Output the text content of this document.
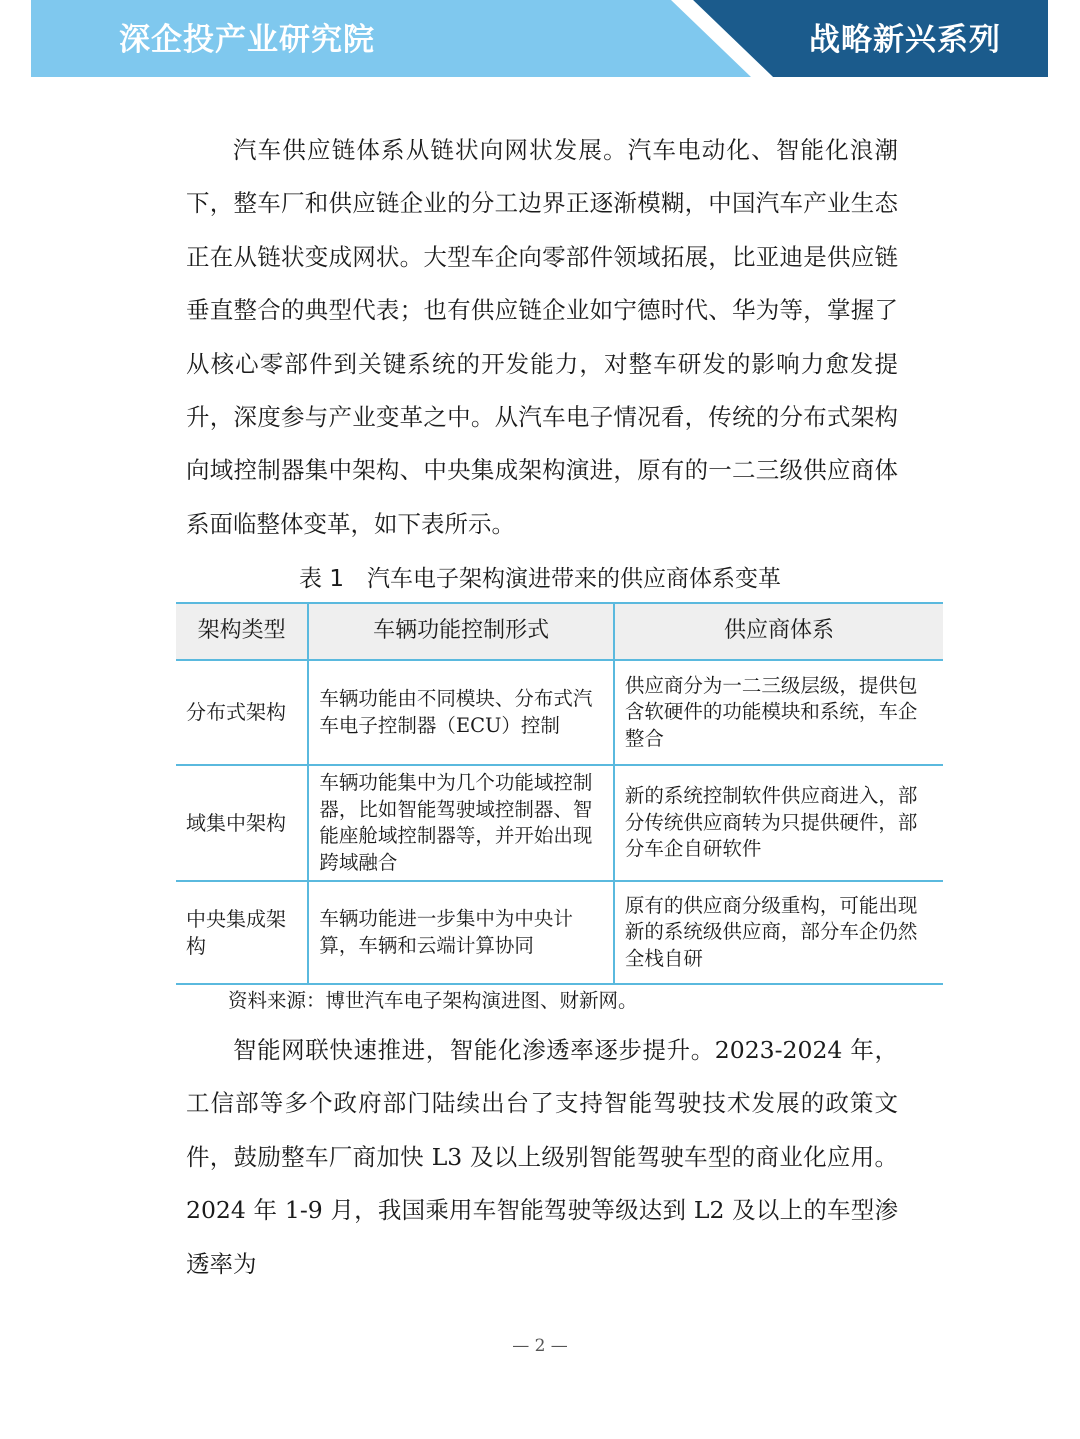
深企投产业研究院	战略新兴系列
汽车供应链体系从链状向网状发展。汽车电动化、智能化浪潮下，整车厂和供应链企业的分工边界正逐渐模糊，中国汽车产业生态正在从链状变成网状。大型车企向零部件领域拓展，比亚迪是供应链垂直整合的典型代表；也有供应链企业如宁德时代、华为等，掌握了从核心零部件到关键系统的开发能力，对整车研发的影响力愈发提升，深度参与产业变革之中。从汽车电子情况看，传统的分布式架构向域控制器集中架构、中央集成架构演进，原有的一二三级供应商体系面临整体变革，如下表所示。
表 1　汽车电子架构演进带来的供应商体系变革
架构类型	车辆功能控制形式	供应商体系
分布式架构	车辆功能由不同模块、分布式汽车电子控制器（ECU）控制	供应商分为一二三级层级，提供包含软硬件的功能模块和系统，车企整合
域集中架构	车辆功能集中为几个功能域控制器，比如智能驾驶域控制器、智能座舱域控制器等，并开始出现跨域融合	新的系统控制软件供应商进入，部分传统供应商转为只提供硬件，部分车企自研软件
中央集成架构	车辆功能进一步集中为中央计算，车辆和云端计算协同	原有的供应商分级重构，可能出现新的系统级供应商，部分车企仍然全栈自研
资料来源：博世汽车电子架构演进图、财新网。
智能网联快速推进，智能化渗透率逐步提升。2023-2024 年，工信部等多个政府部门陆续出台了支持智能驾驶技术发展的政策文件，鼓励整车厂商加快 L3 及以上级别智能驾驶车型的商业化应用。2024 年 1-9 月，我国乘用车智能驾驶等级达到 L2 及以上的车型渗透率为
— 2 —
